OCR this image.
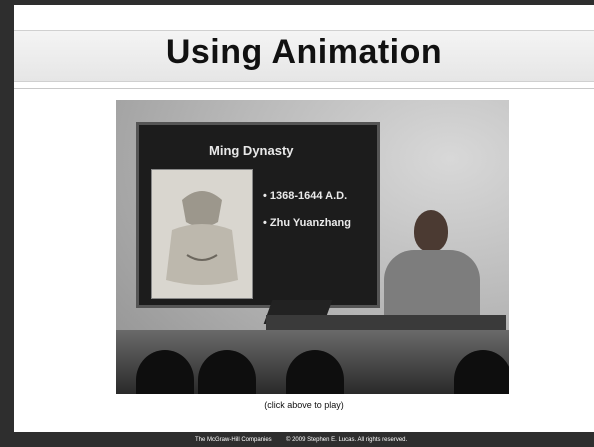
Using Animation
Ming Dynasty
• 1368-1644 A.D.
• Zhu Yuanzhang
(click above to play)
The McGraw-Hill Companies © 2009 Stephen E. Lucas. All rights reserved.
